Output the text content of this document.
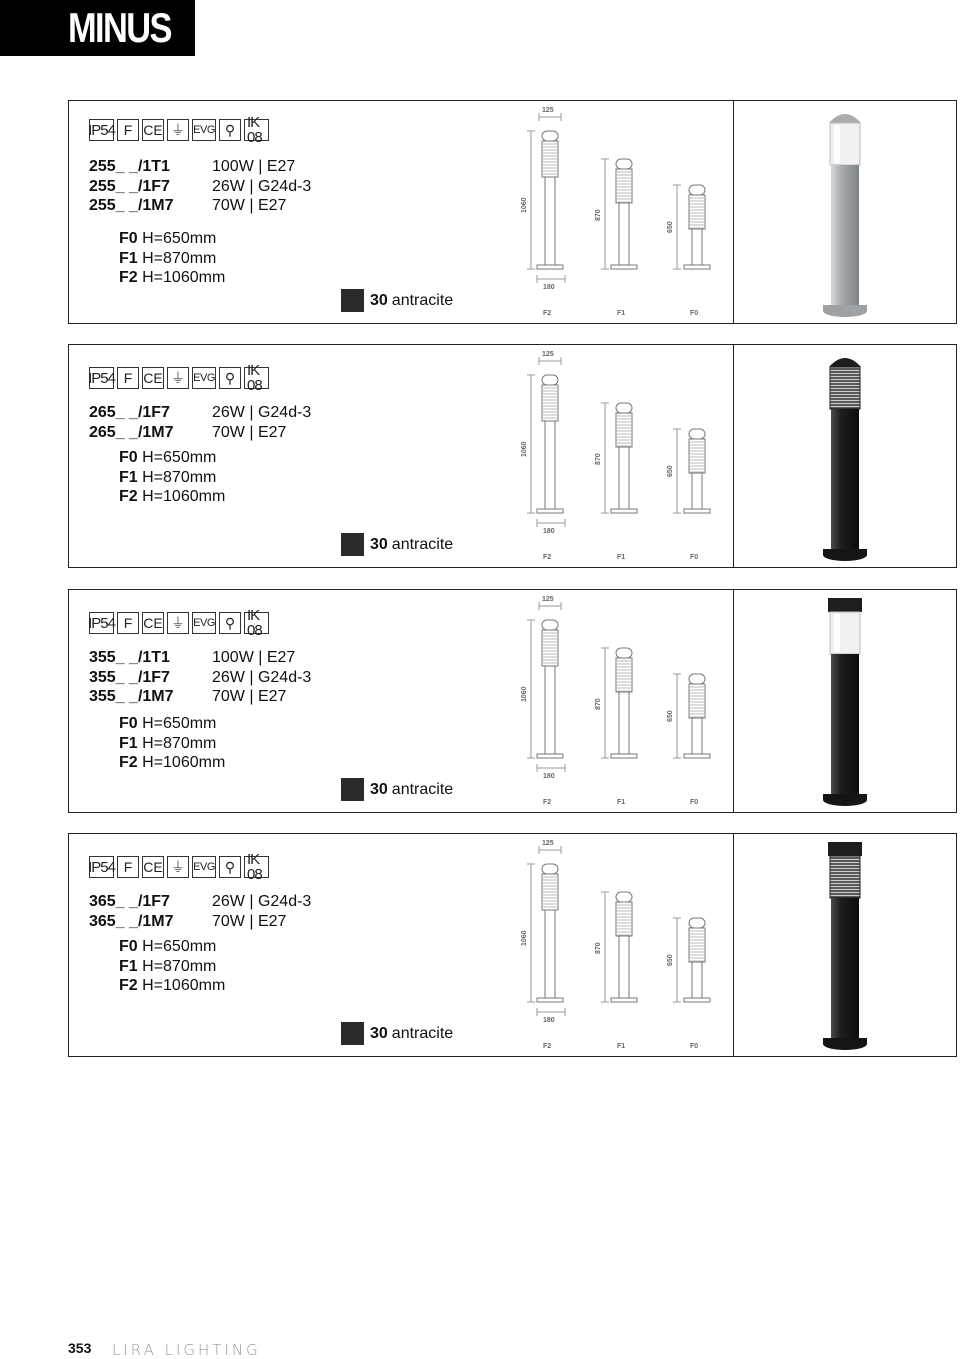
MINUS
IP54 F CE ⏚ EVG ⚲ IK 08
255_ _/1T1	100W | E27
255_ _/1F7	26W | G24d-3
255_ _/1M7	70W | E27
F0 H=650mm
F1 H=870mm
F2 H=1060mm
30 antracite
125
180
1060
870
650
F2	F1	F0
IP54 F CE ⏚ EVG ⚲ IK 08
265_ _/1F7	26W | G24d-3
265_ _/1M7	70W | E27
F0 H=650mm
F1 H=870mm
F2 H=1060mm
30 antracite
125
180
1060
870
650
F2	F1	F0
IP54 F CE ⏚ EVG ⚲ IK 08
355_ _/1T1	100W | E27
355_ _/1F7	26W | G24d-3
355_ _/1M7	70W | E27
F0 H=650mm
F1 H=870mm
F2 H=1060mm
30 antracite
125
180
1060
870
650
F2	F1	F0
IP54 F CE ⏚ EVG ⚲ IK 08
365_ _/1F7	26W | G24d-3
365_ _/1M7	70W | E27
F0 H=650mm
F1 H=870mm
F2 H=1060mm
30 antracite
125
180
1060
870
650
F2	F1	F0
353 LIRA LIGHTING
